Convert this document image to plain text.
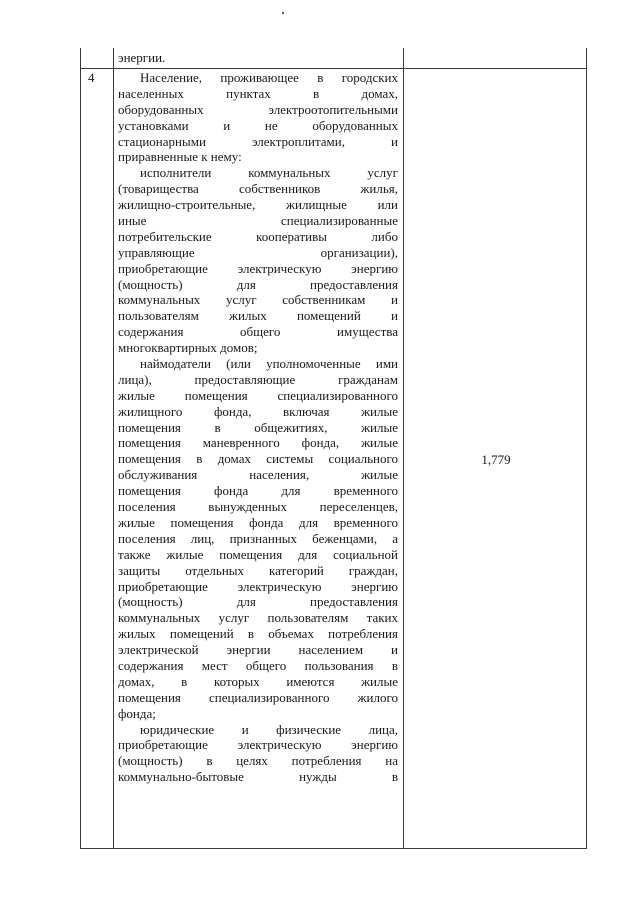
энергии.
4	Население, проживающее в городских
населенных пунктах в домах,
оборудованных электроотопительными
установками и не оборудованных
стационарными электроплитами, и
приравненные к нему:
исполнители коммунальных услуг
(товарищества собственников жилья,
жилищно-строительные, жилищные или
иные специализированные
потребительские кооперативы либо
управляющие организации),
приобретающие электрическую энергию
(мощность) для предоставления
коммунальных услуг собственникам и
пользователям жилых помещений и
содержания общего имущества
многоквартирных домов;
наймодатели (или уполномоченные ими
лица), предоставляющие гражданам
жилые помещения специализированного
жилищного фонда, включая жилые
помещения в общежитиях, жилые
помещения маневренного фонда, жилые
помещения в домах системы социального
обслуживания населения, жилые
помещения фонда для временного
поселения вынужденных переселенцев,
жилые помещения фонда для временного
поселения лиц, признанных беженцами, а
также жилые помещения для социальной
защиты отдельных категорий граждан,
приобретающие электрическую энергию
(мощность) для предоставления
коммунальных услуг пользователям таких
жилых помещений в объемах потребления
электрической энергии населением и
содержания мест общего пользования в
домах, в которых имеются жилые
помещения специализированного жилого
фонда;
юридические и физические лица,
приобретающие электрическую энергию
(мощность) в целях потребления на
коммунально-бытовые нужды в
1,779
